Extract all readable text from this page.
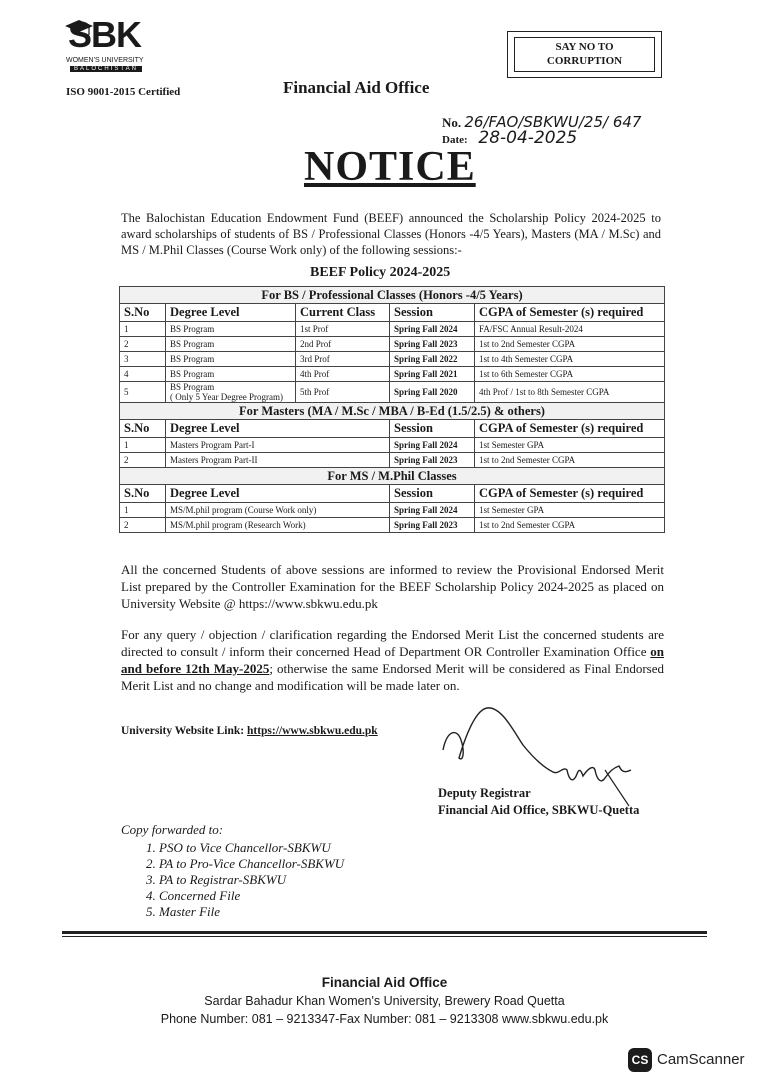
SBK
WOMEN'S UNIVERSITY
BALOCHISTAN
ISO 9001-2015 Certified	Financial Aid Office
SAY NO TO
CORRUPTION
No. 26/FAO/SBKWU/25/ 647
Date: 28-04-2025
NOTICE
The Balochistan Education Endowment Fund (BEEF) announced the Scholarship Policy 2024-2025 to award scholarships of students of BS / Professional Classes (Honors -4/5 Years), Masters (MA / M.Sc) and MS / M.Phil Classes (Course Work only) of the following sessions:-
BEEF Policy 2024-2025
For BS / Professional Classes (Honors -4/5 Years)				
S.No	Degree Level	Current Class	Session	CGPA of Semester (s) required
1	BS Program	1st Prof	Spring Fall 2024	FA/FSC Annual Result-2024
2	BS Program	2nd Prof	Spring Fall 2023	1st to 2nd Semester CGPA
3	BS Program	3rd Prof	Spring Fall 2022	1st to 4th Semester CGPA
4	BS Program	4th Prof	Spring Fall 2021	1st to 6th Semester CGPA
5	BS Program
( Only 5 Year Degree Program)	5th Prof	Spring Fall 2020	4th Prof / 1st to 8th Semester CGPA
For Masters (MA / M.Sc / MBA / B-Ed (1.5/2.5) & others)				
S.No	Degree Level		Session	CGPA of Semester (s) required
1	Masters Program Part-I		Spring Fall 2024	1st Semester GPA
2	Masters Program Part-II		Spring Fall 2023	1st to 2nd Semester CGPA
For MS / M.Phil Classes				
S.No	Degree Level		Session	CGPA of Semester (s) required
1	MS/M.phil program (Course Work only)		Spring Fall 2024	1st Semester GPA
2	MS/M.phil program (Research Work)		Spring Fall 2023	1st to 2nd Semester CGPA
All the concerned Students of above sessions are informed to review the Provisional Endorsed Merit List prepared by the Controller Examination for the BEEF Scholarship Policy 2024-2025 as placed on University Website @ https://www.sbkwu.edu.pk
For any query / objection / clarification regarding the Endorsed Merit List the concerned students are directed to consult / inform their concerned Head of Department OR Controller Examination Office on and before 12th May-2025; otherwise the same Endorsed Merit will be considered as Final Endorsed Merit List and no change and modification will be made later on.
University Website Link: https://www.sbkwu.edu.pk
Deputy Registrar
Financial Aid Office, SBKWU-Quetta
Copy forwarded to:
1. PSO to Vice Chancellor-SBKWU
2. PA to Pro-Vice Chancellor-SBKWU
3. PA to Registrar-SBKWU
4. Concerned File
5. Master File
Financial Aid Office
Sardar Bahadur Khan Women's University, Brewery Road Quetta
Phone Number: 081 – 9213347-Fax Number: 081 – 9213308 www.sbkwu.edu.pk
CS CamScanner
